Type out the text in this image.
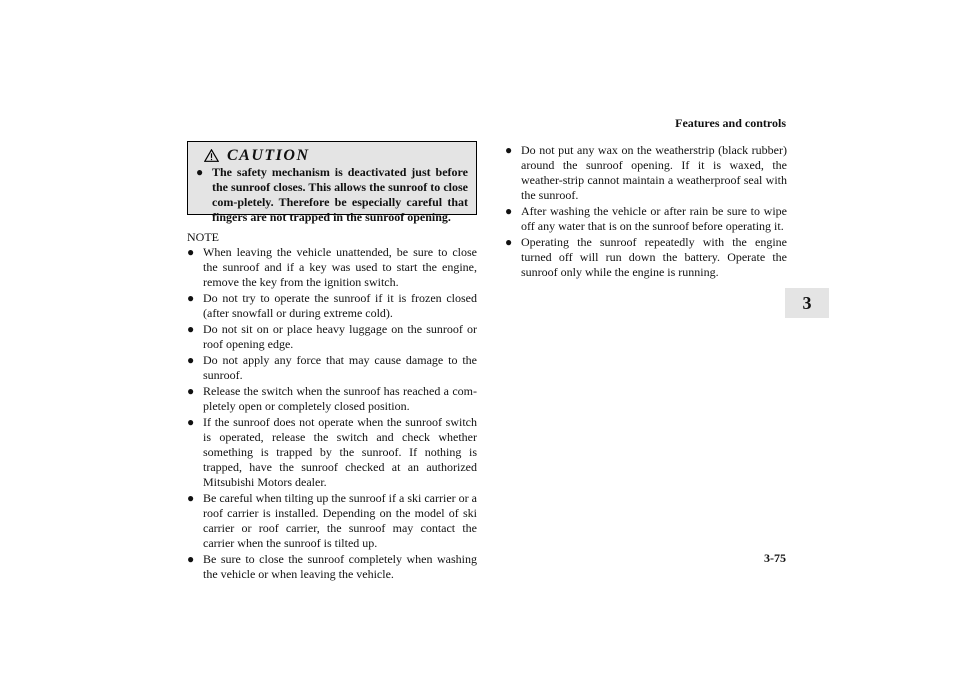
Features and controls
3
CAUTION
● The safety mechanism is deactivated just before the sunroof closes. This allows the sunroof to close com-pletely. Therefore be especially careful that fingers are not trapped in the sunroof opening.
NOTE
● When leaving the vehicle unattended, be sure to close the sunroof and if a key was used to start the engine, remove the key from the ignition switch.
● Do not try to operate the sunroof if it is frozen closed (after snowfall or during extreme cold).
● Do not sit on or place heavy luggage on the sunroof or roof opening edge.
● Do not apply any force that may cause damage to the sunroof.
● Release the switch when the sunroof has reached a com-pletely open or completely closed position.
● If the sunroof does not operate when the sunroof switch is operated, release the switch and check whether something is trapped by the sunroof. If nothing is trapped, have the sunroof checked at an authorized Mitsubishi Motors dealer.
● Be careful when tilting up the sunroof if a ski carrier or a roof carrier is installed. Depending on the model of ski carrier or roof carrier, the sunroof may contact the carrier when the sunroof is tilted up.
● Be sure to close the sunroof completely when washing the vehicle or when leaving the vehicle.
● Do not put any wax on the weatherstrip (black rubber) around the sunroof opening. If it is waxed, the weather-strip cannot maintain a weatherproof seal with the sunroof.
● After washing the vehicle or after rain be sure to wipe off any water that is on the sunroof before operating it.
● Operating the sunroof repeatedly with the engine turned off will run down the battery. Operate the sunroof only while the engine is running.
3-75
